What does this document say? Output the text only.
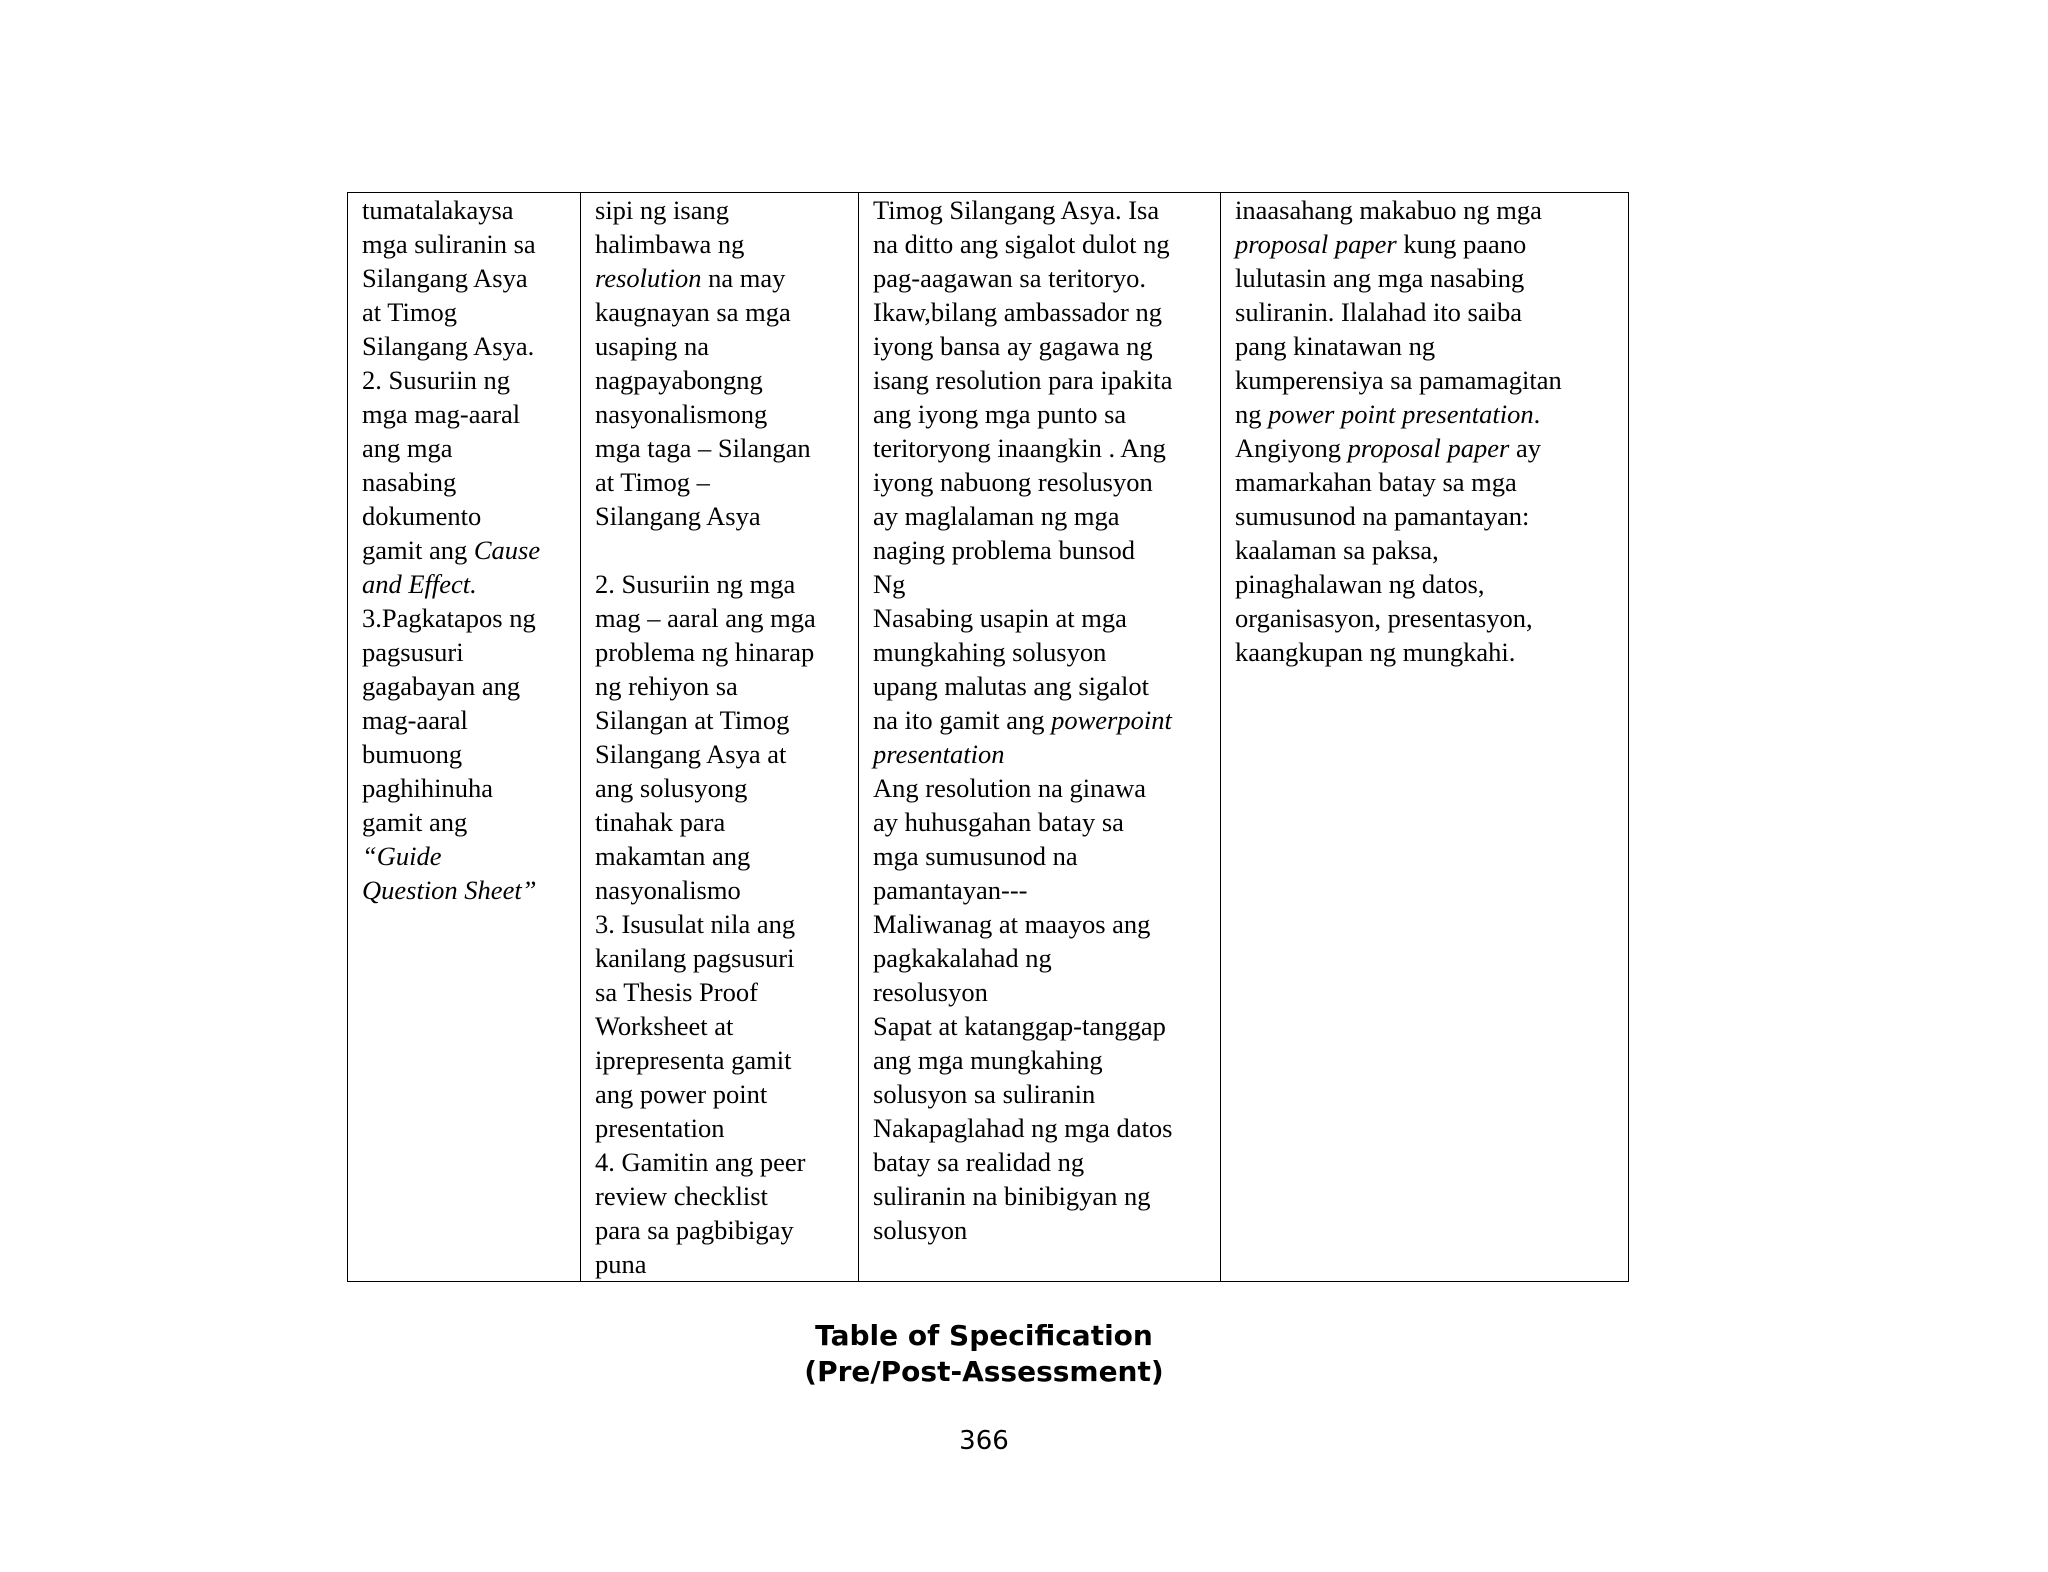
tumatalakaysa
mga suliranin sa
Silangang Asya
at Timog
Silangang Asya.
2. Susuriin ng
mga mag-aaral
ang mga
nasabing
dokumento
gamit ang Cause
and Effect.
3.Pagkatapos ng
pagsusuri
gagabayan ang
mag-aaral
bumuong
paghihinuha
gamit ang
“Guide
Question Sheet”

sipi ng isang
halimbawa ng
resolution na may
kaugnayan sa mga
usaping na
nagpayabongng
nasyonalismong
mga taga – Silangan
at Timog –
Silangang Asya
2. Susuriin ng mga
mag – aaral ang mga
problema ng hinarap
ng rehiyon sa
Silangan at Timog
Silangang Asya at
ang solusyong
tinahak para
makamtan ang
nasyonalismo
3. Isusulat nila ang
kanilang pagsusuri
sa Thesis Proof
Worksheet at
iprepresenta gamit
ang power point
presentation
4. Gamitin ang peer
review checklist
para sa pagbibigay
puna

Timog Silangang Asya. Isa
na ditto ang sigalot dulot ng
pag-aagawan sa teritoryo.
Ikaw,bilang ambassador ng
iyong bansa ay gagawa ng
isang resolution para ipakita
ang iyong mga punto sa
teritoryong inaangkin . Ang
iyong nabuong resolusyon
ay maglalaman ng mga
naging problema bunsod
Ng
Nasabing usapin at mga
mungkahing solusyon
upang malutas ang sigalot
na ito gamit ang powerpoint
presentation
Ang resolution na ginawa
ay huhusgahan batay sa
mga sumusunod na
pamantayan---
Maliwanag at maayos ang
pagkakalahad ng
resolusyon
Sapat at katanggap-tanggap
ang mga mungkahing
solusyon sa suliranin
Nakapaglahad ng mga datos
batay sa realidad ng
suliranin na binibigyan ng
solusyon

inaasahang makabuo ng mga
proposal paper kung paano
lulutasin ang mga nasabing
suliranin. Ilalahad ito saiba
pang kinatawan ng
kumperensiya sa pamamagitan
ng power point presentation.
Angiyong proposal paper ay
mamarkahan batay sa mga
sumusunod na pamantayan:
kaalaman sa paksa,
pinaghalawan ng datos,
organisasyon, presentasyon,
kaangkupan ng mungkahi.
Table of Specification
(Pre/Post-Assessment)
366
